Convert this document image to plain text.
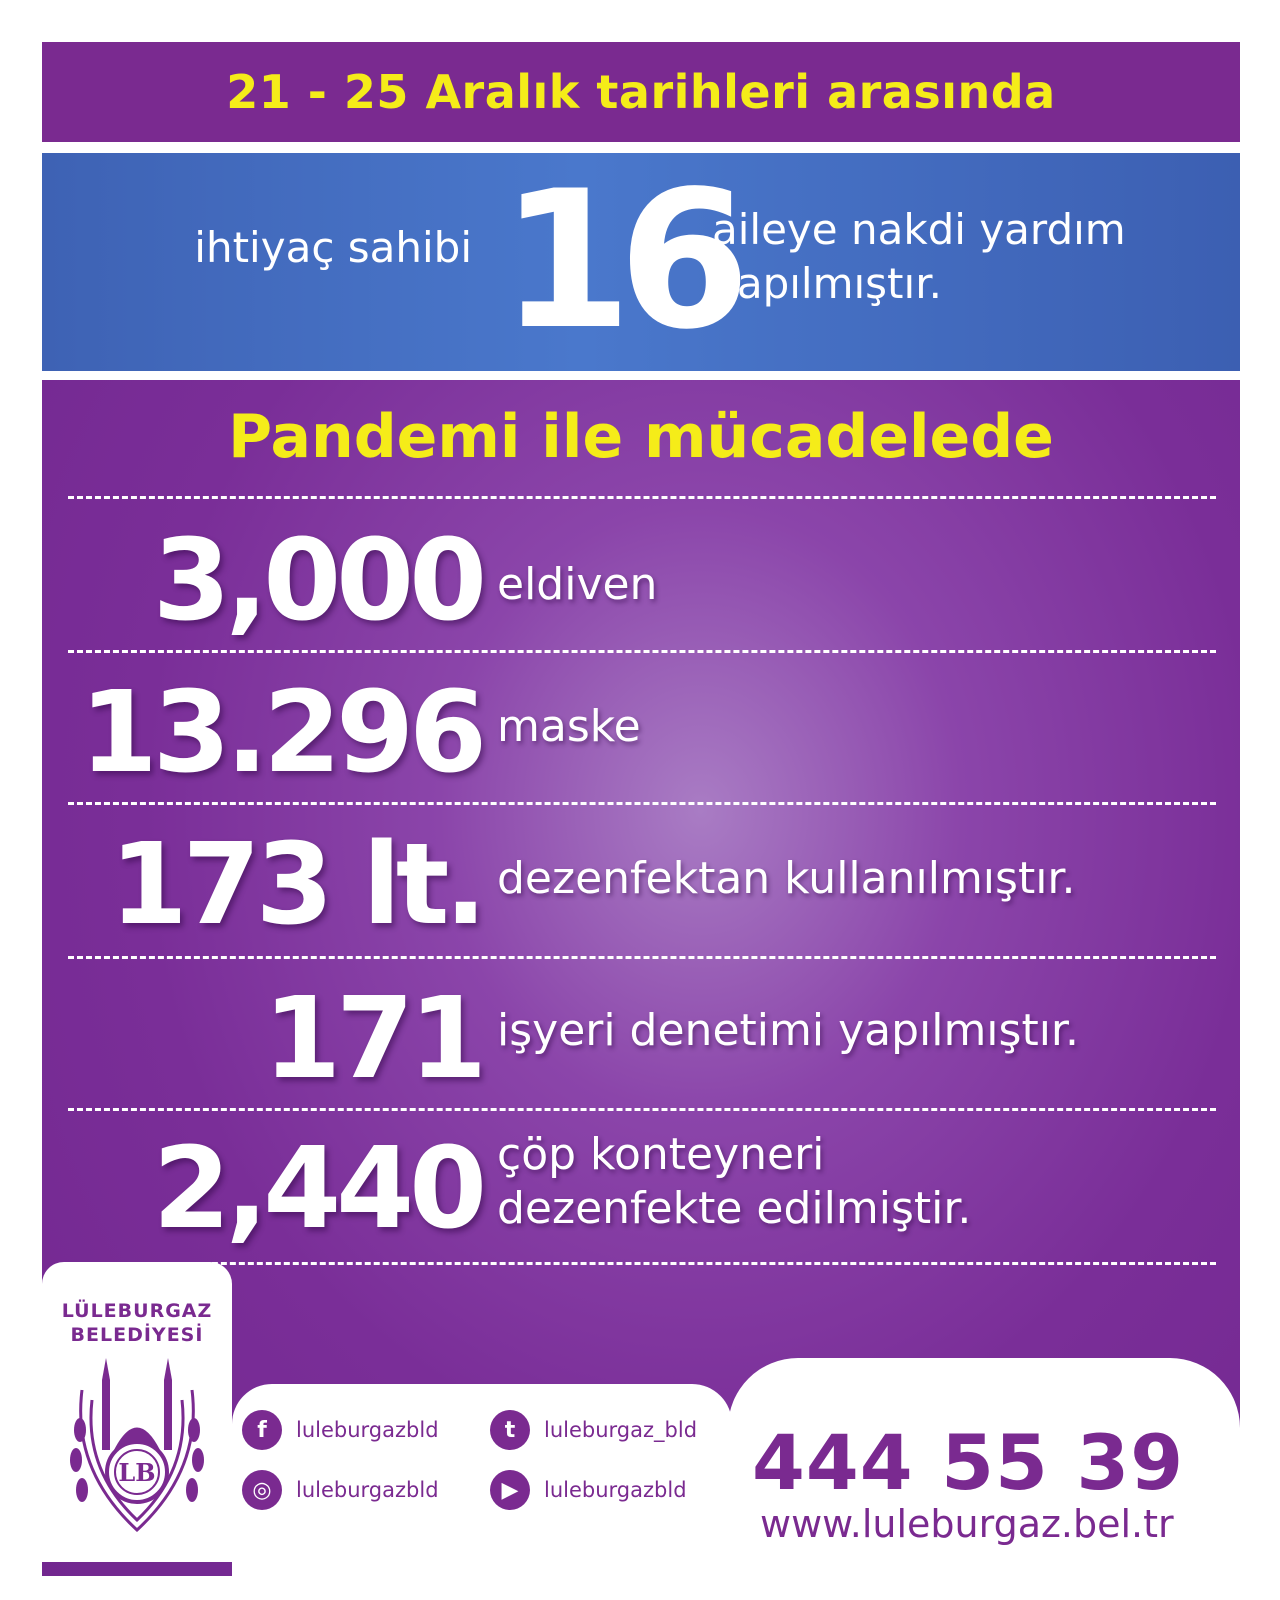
21 - 25 Aralık tarihleri arasında
ihtiyaç sahibi 16
aileye nakdi yardım
yapılmıştır.
Pandemi ile mücadelede
3,000 eldiven
13.296 maske
173 lt. dezenfektan kullanılmıştır.
171 işyeri denetimi yapılmıştır.
2,440 çöp konteyneri
dezenfekte edilmiştir.
LÜLEBURGAZ
BELEDİYESİ
LB
f	luleburgazbld	t	luleburgaz_bld
◎	luleburgazbld	▶	luleburgazbld 444 55 39
www.luleburgaz.bel.tr
